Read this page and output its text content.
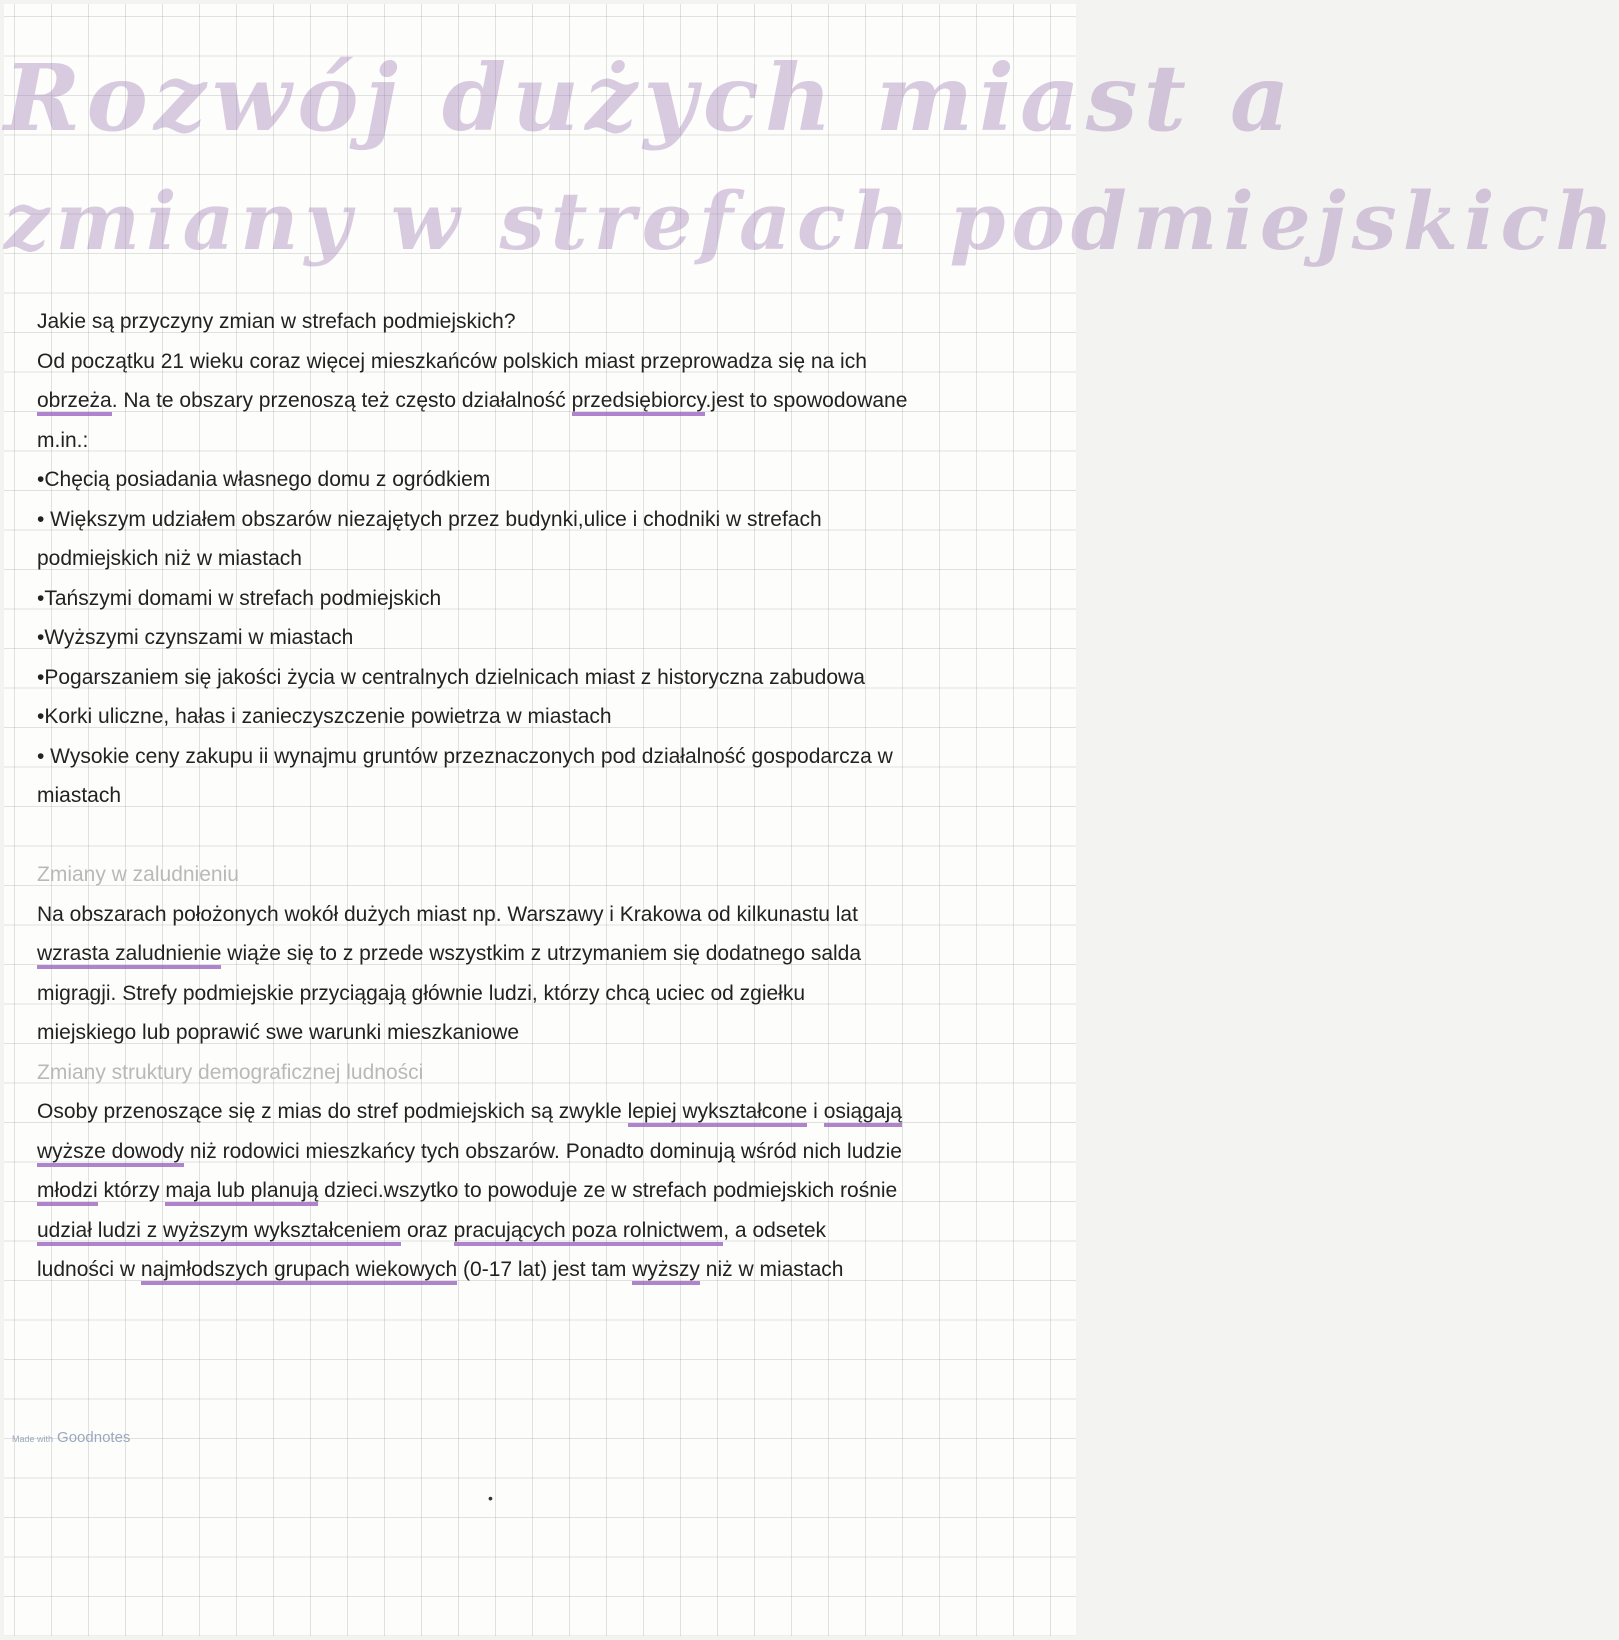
Rozwój dużych miast a
zmiany w strefach podmiejskich
Jakie są przyczyny zmian w strefach podmiejskich?
Od początku 21 wieku coraz więcej mieszkańców polskich miast przeprowadza się na ich
obrzeża. Na te obszary przenoszą też często działalność przedsiębiorcy.jest to spowodowane
m.in.:
•Chęcią posiadania własnego domu z ogródkiem
• Większym udziałem obszarów niezajętych przez budynki,ulice i chodniki w strefach
podmiejskich niż w miastach
•Tańszymi domami w strefach podmiejskich
•Wyższymi czynszami w miastach
•Pogarszaniem się jakości życia w centralnych dzielnicach miast z historyczna zabudowa
•Korki uliczne, hałas i zanieczyszczenie powietrza w miastach
• Wysokie ceny zakupu ii wynajmu gruntów przeznaczonych pod działalność gospodarcza w
miastach
Zmiany w zaludnieniu
Na obszarach położonych wokół dużych miast np. Warszawy i Krakowa od kilkunastu lat
wzrasta zaludnienie wiąże się to z przede wszystkim z utrzymaniem się dodatnego salda
migragji. Strefy podmiejskie przyciągają głównie ludzi, którzy chcą uciec od zgiełku
miejskiego lub poprawić swe warunki mieszkaniowe
Zmiany struktury demograficznej ludności
Osoby przenoszące się z mias do stref podmiejskich są zwykle lepiej wykształcone i osiągają
wyższe dowody niż rodowici mieszkańcy tych obszarów. Ponadto dominują wśród nich ludzie
młodzi którzy maja lub planują dzieci.wszytko to powoduje ze w strefach podmiejskich rośnie
udział ludzi z wyższym wykształceniem oraz pracujących poza rolnictwem, a odsetek
ludności w najmłodszych grupach wiekowych (0-17 lat) jest tam wyższy niż w miastach
Made with Goodnotes
•
